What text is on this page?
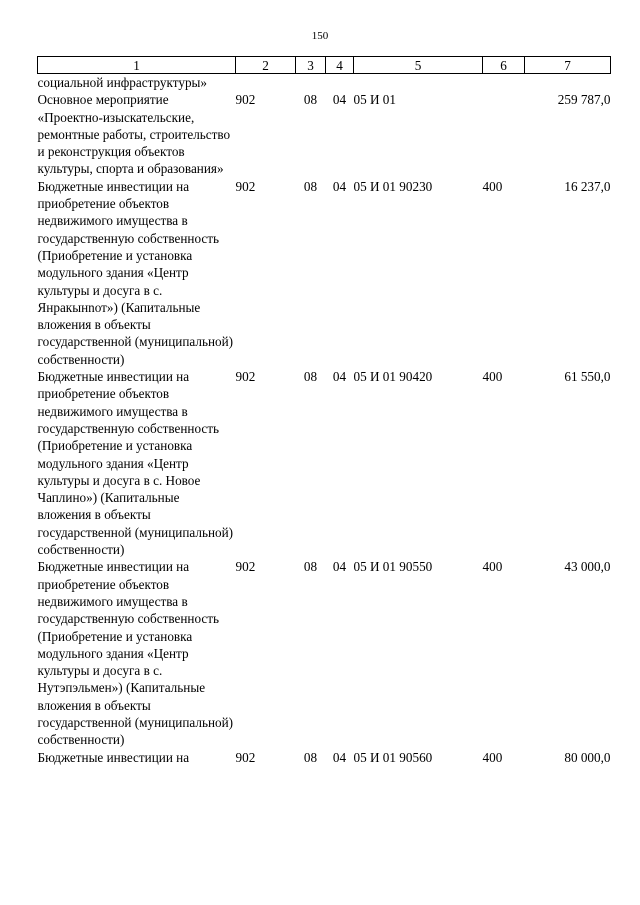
150
1	2	3	4	5	6	7
социальной инфраструктуры»						
Основное мероприятие «Проектно-изыскательские, ремонтные работы, строительство и реконструкция объектов культуры, спорта и образования»	902	08	04	05 И 01		259 787,0
Бюджетные инвестиции на приобретение объектов недвижимого имущества в государственную собственность (Приобретение и установка модульного здания «Центр культуры и досуга в с. Янракынnот») (Капитальные вложения в объекты государственной (муниципальной) собственности)	902	08	04	05 И 01 90230	400	16 237,0
Бюджетные инвестиции на приобретение объектов недвижимого имущества в государственную собственность (Приобретение и установка модульного здания «Центр культуры и досуга в с. Новое Чаплино») (Капитальные вложения в объекты государственной (муниципальной) собственности)	902	08	04	05 И 01 90420	400	61 550,0
Бюджетные инвестиции на приобретение объектов недвижимого имущества в государственную собственность (Приобретение и установка модульного здания «Центр культуры и досуга в с. Нутэпэльмен») (Капитальные вложения в объекты государственной (муниципальной) собственности)	902	08	04	05 И 01 90550	400	43 000,0
Бюджетные инвестиции на	902	08	04	05 И 01 90560	400	80 000,0
